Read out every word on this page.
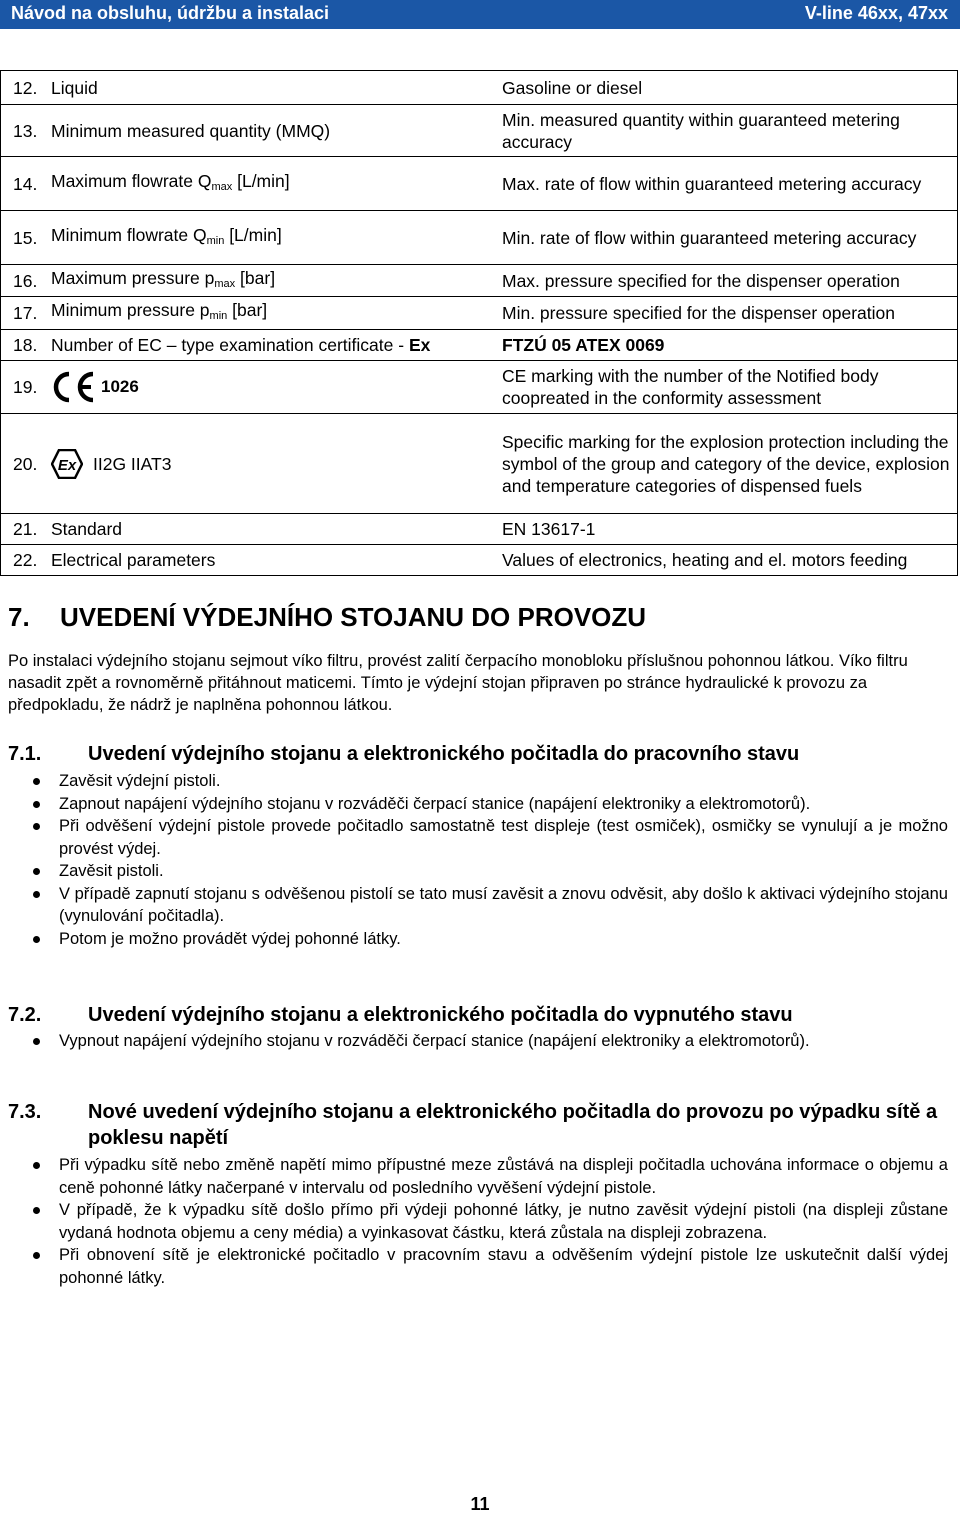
Návod na obsluhu, údržbu a instalaci	V-line 46xx, 47xx
12.	Liquid	Gasoline or diesel
13.	Minimum measured quantity (MMQ)	Min. measured quantity within guaranteed metering accuracy
14.	Maximum flowrate $Q_{max}$ [L/min]	Max. rate of flow within guaranteed metering accuracy
15.	Minimum flowrate $Q_{min}$ [L/min]	Min. rate of flow within guaranteed metering accuracy
16.	Maximum pressure $p_{max}$ [bar]	Max. pressure specified for the dispenser operation
17.	Minimum pressure $p_{min}$ [bar]	Min. pressure specified for the dispenser operation
18.	Number of EC – type examination certificate - Ex	FTZÚ 05 ATEX 0069
19.	1026	CE marking with the number of the Notified body coopreated in the conformity assessment
20.	Ex II2G IIAT3	Specific marking for the explosion protection including the symbol of the group and category of the device, explosion and temperature categories of dispensed fuels
21.	Standard	EN 13617-1
22.	Electrical parameters	Values of electronics, heating and el. motors feeding
7. UVEDENÍ VÝDEJNÍHO STOJANU DO PROVOZU
Po instalaci výdejního stojanu sejmout víko filtru, provést zalití čerpacího monobloku příslušnou pohonnou látkou. Víko filtru nasadit zpět a rovnoměrně přitáhnout maticemi. Tímto je výdejní stojan připraven po stránce hydraulické k provozu za předpokladu, že nádrž je naplněna pohonnou látkou.
7.1.	Uvedení výdejního stojanu a elektronického počitadla do pracovního stavu
Zavěsit výdejní pistoli.
Zapnout napájení výdejního stojanu v rozváděči čerpací stanice (napájení elektroniky a elektromotorů).
Při odvěšení výdejní pistole provede počitadlo samostatně test displeje (test osmiček), osmičky se vynulují a je možno provést výdej.
Zavěsit pistoli.
V případě zapnutí stojanu s odvěšenou pistolí se tato musí zavěsit a znovu odvěsit, aby došlo k aktivaci výdejního stojanu (vynulování počitadla).
Potom je možno provádět výdej pohonné látky.
7.2.	Uvedení výdejního stojanu a elektronického počitadla do vypnutého stavu
Vypnout napájení výdejního stojanu v rozváděči čerpací stanice (napájení elektroniky a elektromotorů).
7.3.	Nové uvedení výdejního stojanu a elektronického počitadla do provozu po výpadku sítě a poklesu napětí
Při výpadku sítě nebo změně napětí mimo přípustné meze zůstává na displeji počitadla uchována informace o objemu a ceně pohonné látky načerpané v intervalu od posledního vyvěšení výdejní pistole.
V případě, že k výpadku sítě došlo přímo při výdeji pohonné látky, je nutno zavěsit výdejní pistoli (na displeji zůstane vydaná hodnota objemu a ceny média) a vyinkasovat částku, která zůstala na displeji zobrazena.
Při obnovení sítě je elektronické počitadlo v pracovním stavu a odvěšením výdejní pistole lze uskutečnit další výdej pohonné látky.
11
